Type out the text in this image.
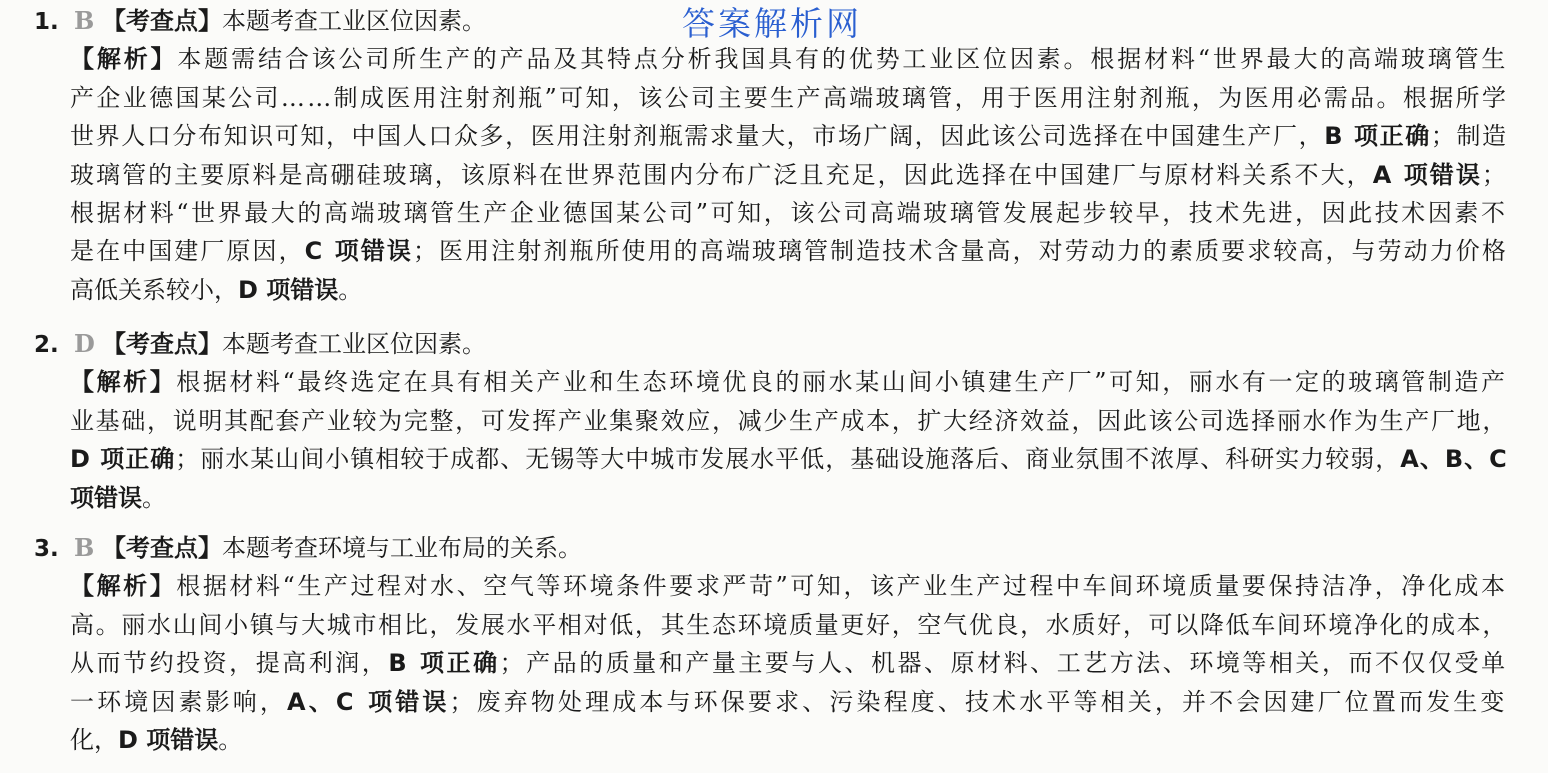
答案解析网
1. B 【考查点】本题考查工业区位因素。
【解析】本题需结合该公司所生产的产品及其特点分析我国具有的优势工业区位因素。根据材料“世界最大的高端玻璃管生
产企业德国某公司……制成医用注射剂瓶”可知，该公司主要生产高端玻璃管，用于医用注射剂瓶，为医用必需品。根据所学
世界人口分布知识可知，中国人口众多，医用注射剂瓶需求量大，市场广阔，因此该公司选择在中国建生产厂，B 项正确；制造
玻璃管的主要原料是高硼硅玻璃，该原料在世界范围内分布广泛且充足，因此选择在中国建厂与原材料关系不大，A 项错误；
根据材料“世界最大的高端玻璃管生产企业德国某公司”可知，该公司高端玻璃管发展起步较早，技术先进，因此技术因素不
是在中国建厂原因，C 项错误；医用注射剂瓶所使用的高端玻璃管制造技术含量高，对劳动力的素质要求较高，与劳动力价格
高低关系较小，D 项错误。
2. D 【考查点】本题考查工业区位因素。
【解析】根据材料“最终选定在具有相关产业和生态环境优良的丽水某山间小镇建生产厂”可知，丽水有一定的玻璃管制造产
业基础，说明其配套产业较为完整，可发挥产业集聚效应，减少生产成本，扩大经济效益，因此该公司选择丽水作为生产厂地，
D 项正确；丽水某山间小镇相较于成都、无锡等大中城市发展水平低，基础设施落后、商业氛围不浓厚、科研实力较弱，A、B、C
项错误。
3. B 【考查点】本题考查环境与工业布局的关系。
【解析】根据材料“生产过程对水、空气等环境条件要求严苛”可知，该产业生产过程中车间环境质量要保持洁净，净化成本
高。丽水山间小镇与大城市相比，发展水平相对低，其生态环境质量更好，空气优良，水质好，可以降低车间环境净化的成本，
从而节约投资，提高利润，B 项正确；产品的质量和产量主要与人、机器、原材料、工艺方法、环境等相关，而不仅仅受单
一环境因素影响，A、C 项错误；废弃物处理成本与环保要求、污染程度、技术水平等相关，并不会因建厂位置而发生变
化，D 项错误。
